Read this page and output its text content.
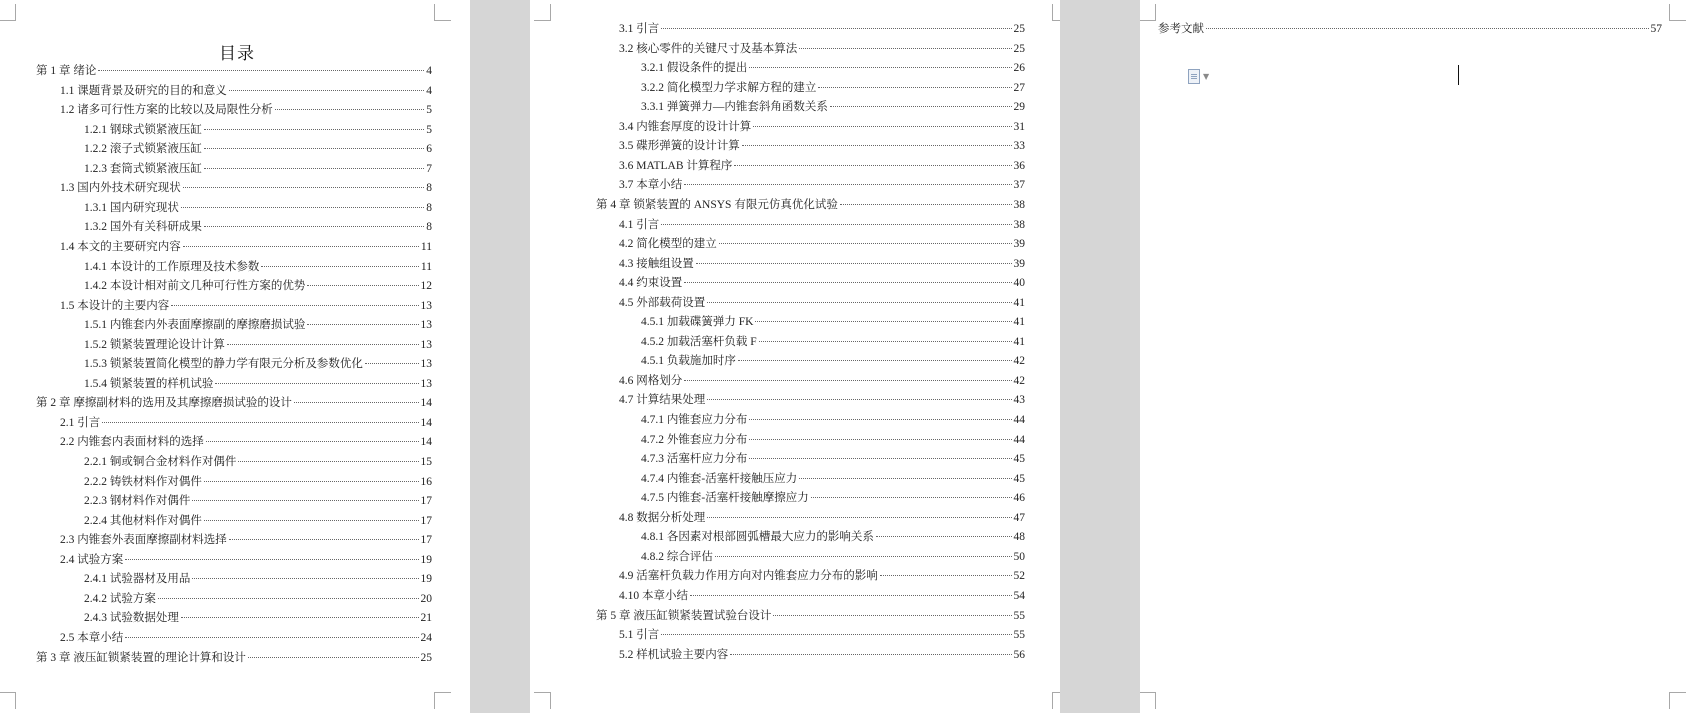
目录
第 1 章 绪论	4
1.1 课题背景及研究的目的和意义	4
1.2 诸多可行性方案的比较以及局限性分析	5
1.2.1 钢球式锁紧液压缸	5
1.2.2 滚子式锁紧液压缸	6
1.2.3 套筒式锁紧液压缸	7
1.3 国内外技术研究现状	8
1.3.1 国内研究现状	8
1.3.2 国外有关科研成果	8
1.4 本文的主要研究内容	11
1.4.1 本设计的工作原理及技术参数	11
1.4.2 本设计相对前文几种可行性方案的优势	12
1.5 本设计的主要内容	13
1.5.1 内锥套内外表面摩擦副的摩擦磨损试验	13
1.5.2 锁紧装置理论设计计算	13
1.5.3 锁紧装置简化模型的静力学有限元分析及参数优化	13
1.5.4 锁紧装置的样机试验	13
第 2 章 摩擦副材料的选用及其摩擦磨损试验的设计	14
2.1 引言	14
2.2 内锥套内表面材料的选择	14
2.2.1 铜或铜合金材料作对偶件	15
2.2.2 铸铁材料作对偶件	16
2.2.3 钢材料作对偶件	17
2.2.4 其他材料作对偶件	17
2.3 内锥套外表面摩擦副材料选择	17
2.4 试验方案	19
2.4.1 试验器材及用品	19
2.4.2 试验方案	20
2.4.3 试验数据处理	21
2.5 本章小结	24
第 3 章 液压缸锁紧装置的理论计算和设计	25
3.1 引言	25
3.2 核心零件的关键尺寸及基本算法	25
3.2.1 假设条件的提出	26
3.2.2 简化模型力学求解方程的建立	27
3.3.1 弹簧弹力—内锥套斜角函数关系	29
3.4 内锥套厚度的设计计算	31
3.5 碟形弹簧的设计计算	33
3.6 MATLAB 计算程序	36
3.7 本章小结	37
第 4 章 锁紧装置的 ANSYS 有限元仿真优化试验	38
4.1 引言	38
4.2 简化模型的建立	39
4.3 接触组设置	39
4.4 约束设置	40
4.5 外部载荷设置	41
4.5.1 加载碟簧弹力 FK	41
4.5.2 加载活塞杆负载 F	41
4.5.1 负载施加时序	42
4.6 网格划分	42
4.7 计算结果处理	43
4.7.1 内锥套应力分布	44
4.7.2 外锥套应力分布	44
4.7.3 活塞杆应力分布	45
4.7.4 内锥套-活塞杆接触压应力	45
4.7.5 内锥套-活塞杆接触摩擦应力	46
4.8 数据分析处理	47
4.8.1 各因素对根部圆弧槽最大应力的影响关系	48
4.8.2 综合评估	50
4.9 活塞杆负载力作用方向对内锥套应力分布的影响	52
4.10 本章小结	54
第 5 章 液压缸锁紧装置试验台设计	55
5.1 引言	55
5.2 样机试验主要内容	56
参考文献	57
▼
